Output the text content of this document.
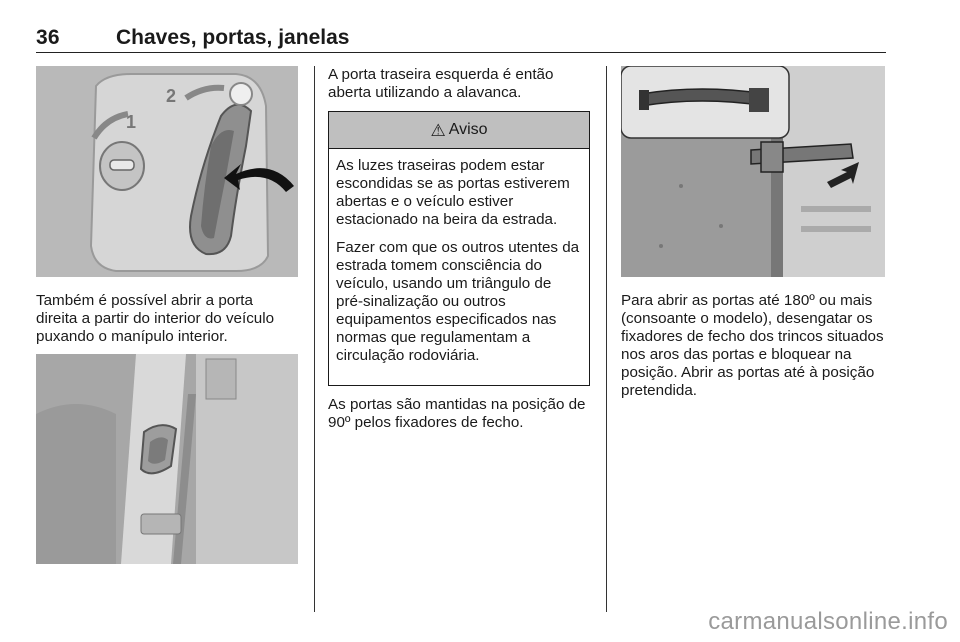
36	Chaves, portas, janelas
1
2

Também é possível abrir a porta direita a partir do interior do veículo puxando o manípulo interior.

A porta traseira esquerda é então aberta utilizando a alavanca.

⚠ Aviso

As luzes traseiras podem estar escondidas se as portas estiverem abertas e o veículo estiver estacionado na beira da estrada.

Fazer com que os outros utentes da estrada tomem consciência do veículo, usando um triângulo de pré-sinalização ou outros equipamentos especificados nas normas que regulamentam a circulação rodoviária.

As portas são mantidas na posição de 90º pelos fixadores de fecho.

Para abrir as portas até 180º ou mais (consoante o modelo), desengatar os fixadores de fecho dos trincos situados nos aros das portas e bloquear na posição. Abrir as portas até à posição pretendida.

carmanualsonline.info
